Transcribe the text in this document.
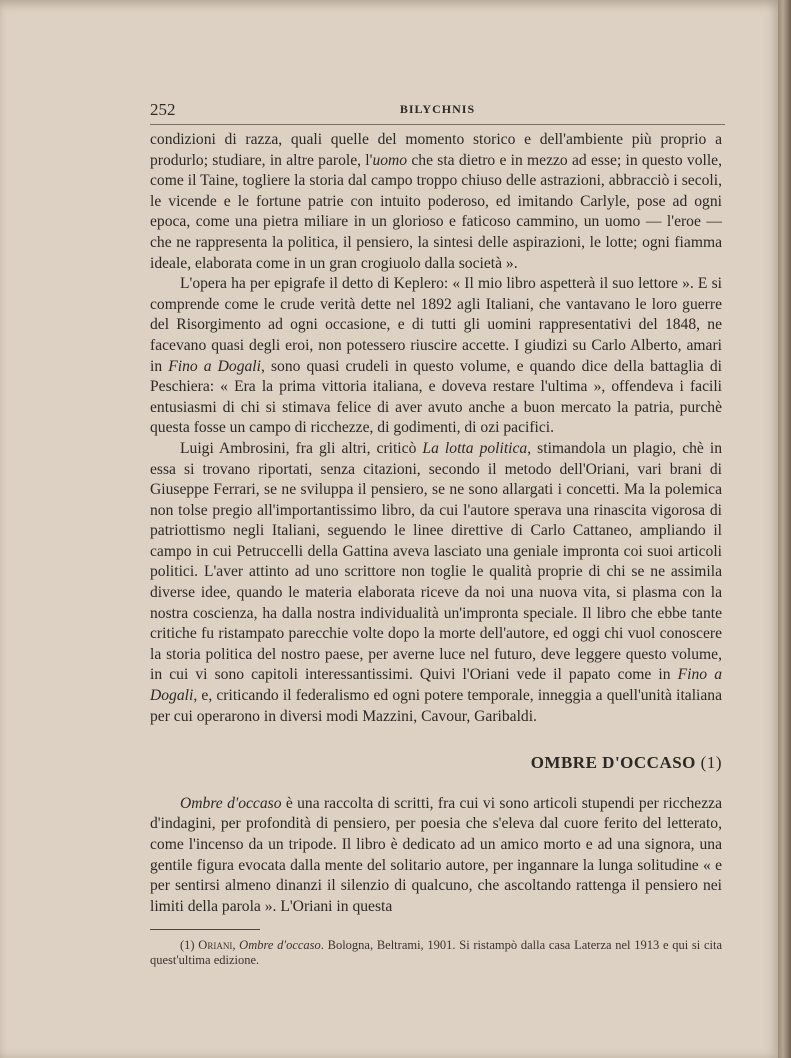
252	BILYCHNIS

condizioni di razza, quali quelle del momento storico e dell'ambiente più proprio a produrlo; studiare, in altre parole, l'uomo che sta dietro e in mezzo ad esse; in questo volle, come il Taine, togliere la storia dal campo troppo chiuso delle astrazioni, abbracciò i secoli, le vicende e le fortune patrie con intuito poderoso, ed imitando Carlyle, pose ad ogni epoca, come una pietra miliare in un glorioso e faticoso cammino, un uomo — l'eroe — che ne rappresenta la politica, il pensiero, la sintesi delle aspirazioni, le lotte; ogni fiamma ideale, elaborata come in un gran crogiuolo dalla società ».

L'opera ha per epigrafe il detto di Keplero: « Il mio libro aspetterà il suo lettore ». E si comprende come le crude verità dette nel 1892 agli Italiani, che vantavano le loro guerre del Risorgimento ad ogni occasione, e di tutti gli uomini rappresentativi del 1848, ne facevano quasi degli eroi, non potessero riuscire accette. I giudizi su Carlo Alberto, amari in Fino a Dogali, sono quasi crudeli in questo volume, e quando dice della battaglia di Peschiera: « Era la prima vittoria italiana, e doveva restare l'ultima », offendeva i facili entusiasmi di chi si stimava felice di aver avuto anche a buon mercato la patria, purchè questa fosse un campo di ricchezze, di godimenti, di ozi pacifici.

Luigi Ambrosini, fra gli altri, criticò La lotta politica, stimandola un plagio, chè in essa si trovano riportati, senza citazioni, secondo il metodo dell'Oriani, vari brani di Giuseppe Ferrari, se ne sviluppa il pensiero, se ne sono allargati i concetti. Ma la polemica non tolse pregio all'importantissimo libro, da cui l'autore sperava una rinascita vigorosa di patriottismo negli Italiani, seguendo le linee direttive di Carlo Cattaneo, ampliando il campo in cui Petruccelli della Gattina aveva lasciato una geniale impronta coi suoi articoli politici. L'aver attinto ad uno scrittore non toglie le qualità proprie di chi se ne assimila diverse idee, quando le materia elaborata riceve da noi una nuova vita, si plasma con la nostra coscienza, ha dalla nostra individualità un'impronta speciale. Il libro che ebbe tante critiche fu ristampato parecchie volte dopo la morte dell'autore, ed oggi chi vuol conoscere la storia politica del nostro paese, per averne luce nel futuro, deve leggere questo volume, in cui vi sono capitoli interessantissimi. Quivi l'Oriani vede il papato come in Fino a Dogali, e, criticando il federalismo ed ogni potere temporale, inneggia a quell'unità italiana per cui operarono in diversi modi Mazzini, Cavour, Garibaldi.

OMBRE D'OCCASO (1)

Ombre d'occaso è una raccolta di scritti, fra cui vi sono articoli stupendi per ricchezza d'indagini, per profondità di pensiero, per poesia che s'eleva dal cuore ferito del letterato, come l'incenso da un tripode. Il libro è dedicato ad un amico morto e ad una signora, una gentile figura evocata dalla mente del solitario autore, per ingannare la lunga solitudine « e per sentirsi almeno dinanzi il silenzio di qualcuno, che ascoltando rattenga il pensiero nei limiti della parola ». L'Oriani in questa

(1) Oriani, Ombre d'occaso. Bologna, Beltrami, 1901. Si ristampò dalla casa Laterza nel 1913 e qui si cita quest'ultima edizione.
